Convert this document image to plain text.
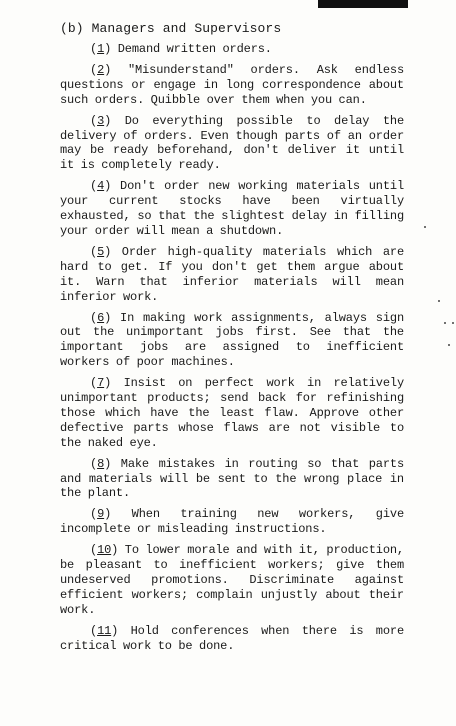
(b) Managers and Supervisors

(1) Demand written orders.

(2) "Misunderstand" orders. Ask endless questions or engage in long correspondence about such orders. Quibble over them when you can.

(3) Do everything possible to delay the delivery of orders. Even though parts of an order may be ready beforehand, don't deliver it until it is completely ready.

(4) Don't order new working materials until your current stocks have been virtually exhausted, so that the slightest delay in filling your order will mean a shutdown.

(5) Order high-quality materials which are hard to get. If you don't get them argue about it. Warn that inferior materials will mean inferior work.

(6) In making work assignments, always sign out the unimportant jobs first. See that the important jobs are assigned to inefficient workers of poor machines.

(7) Insist on perfect work in relatively unimportant products; send back for refinishing those which have the least flaw. Approve other defective parts whose flaws are not visible to the naked eye.

(8) Make mistakes in routing so that parts and materials will be sent to the wrong place in the plant.

(9) When training new workers, give incomplete or misleading instructions.

(10) To lower morale and with it, production, be pleasant to inefficient workers; give them undeserved promotions. Discriminate against efficient workers; complain unjustly about their work.

(11) Hold conferences when there is more critical work to be done.
